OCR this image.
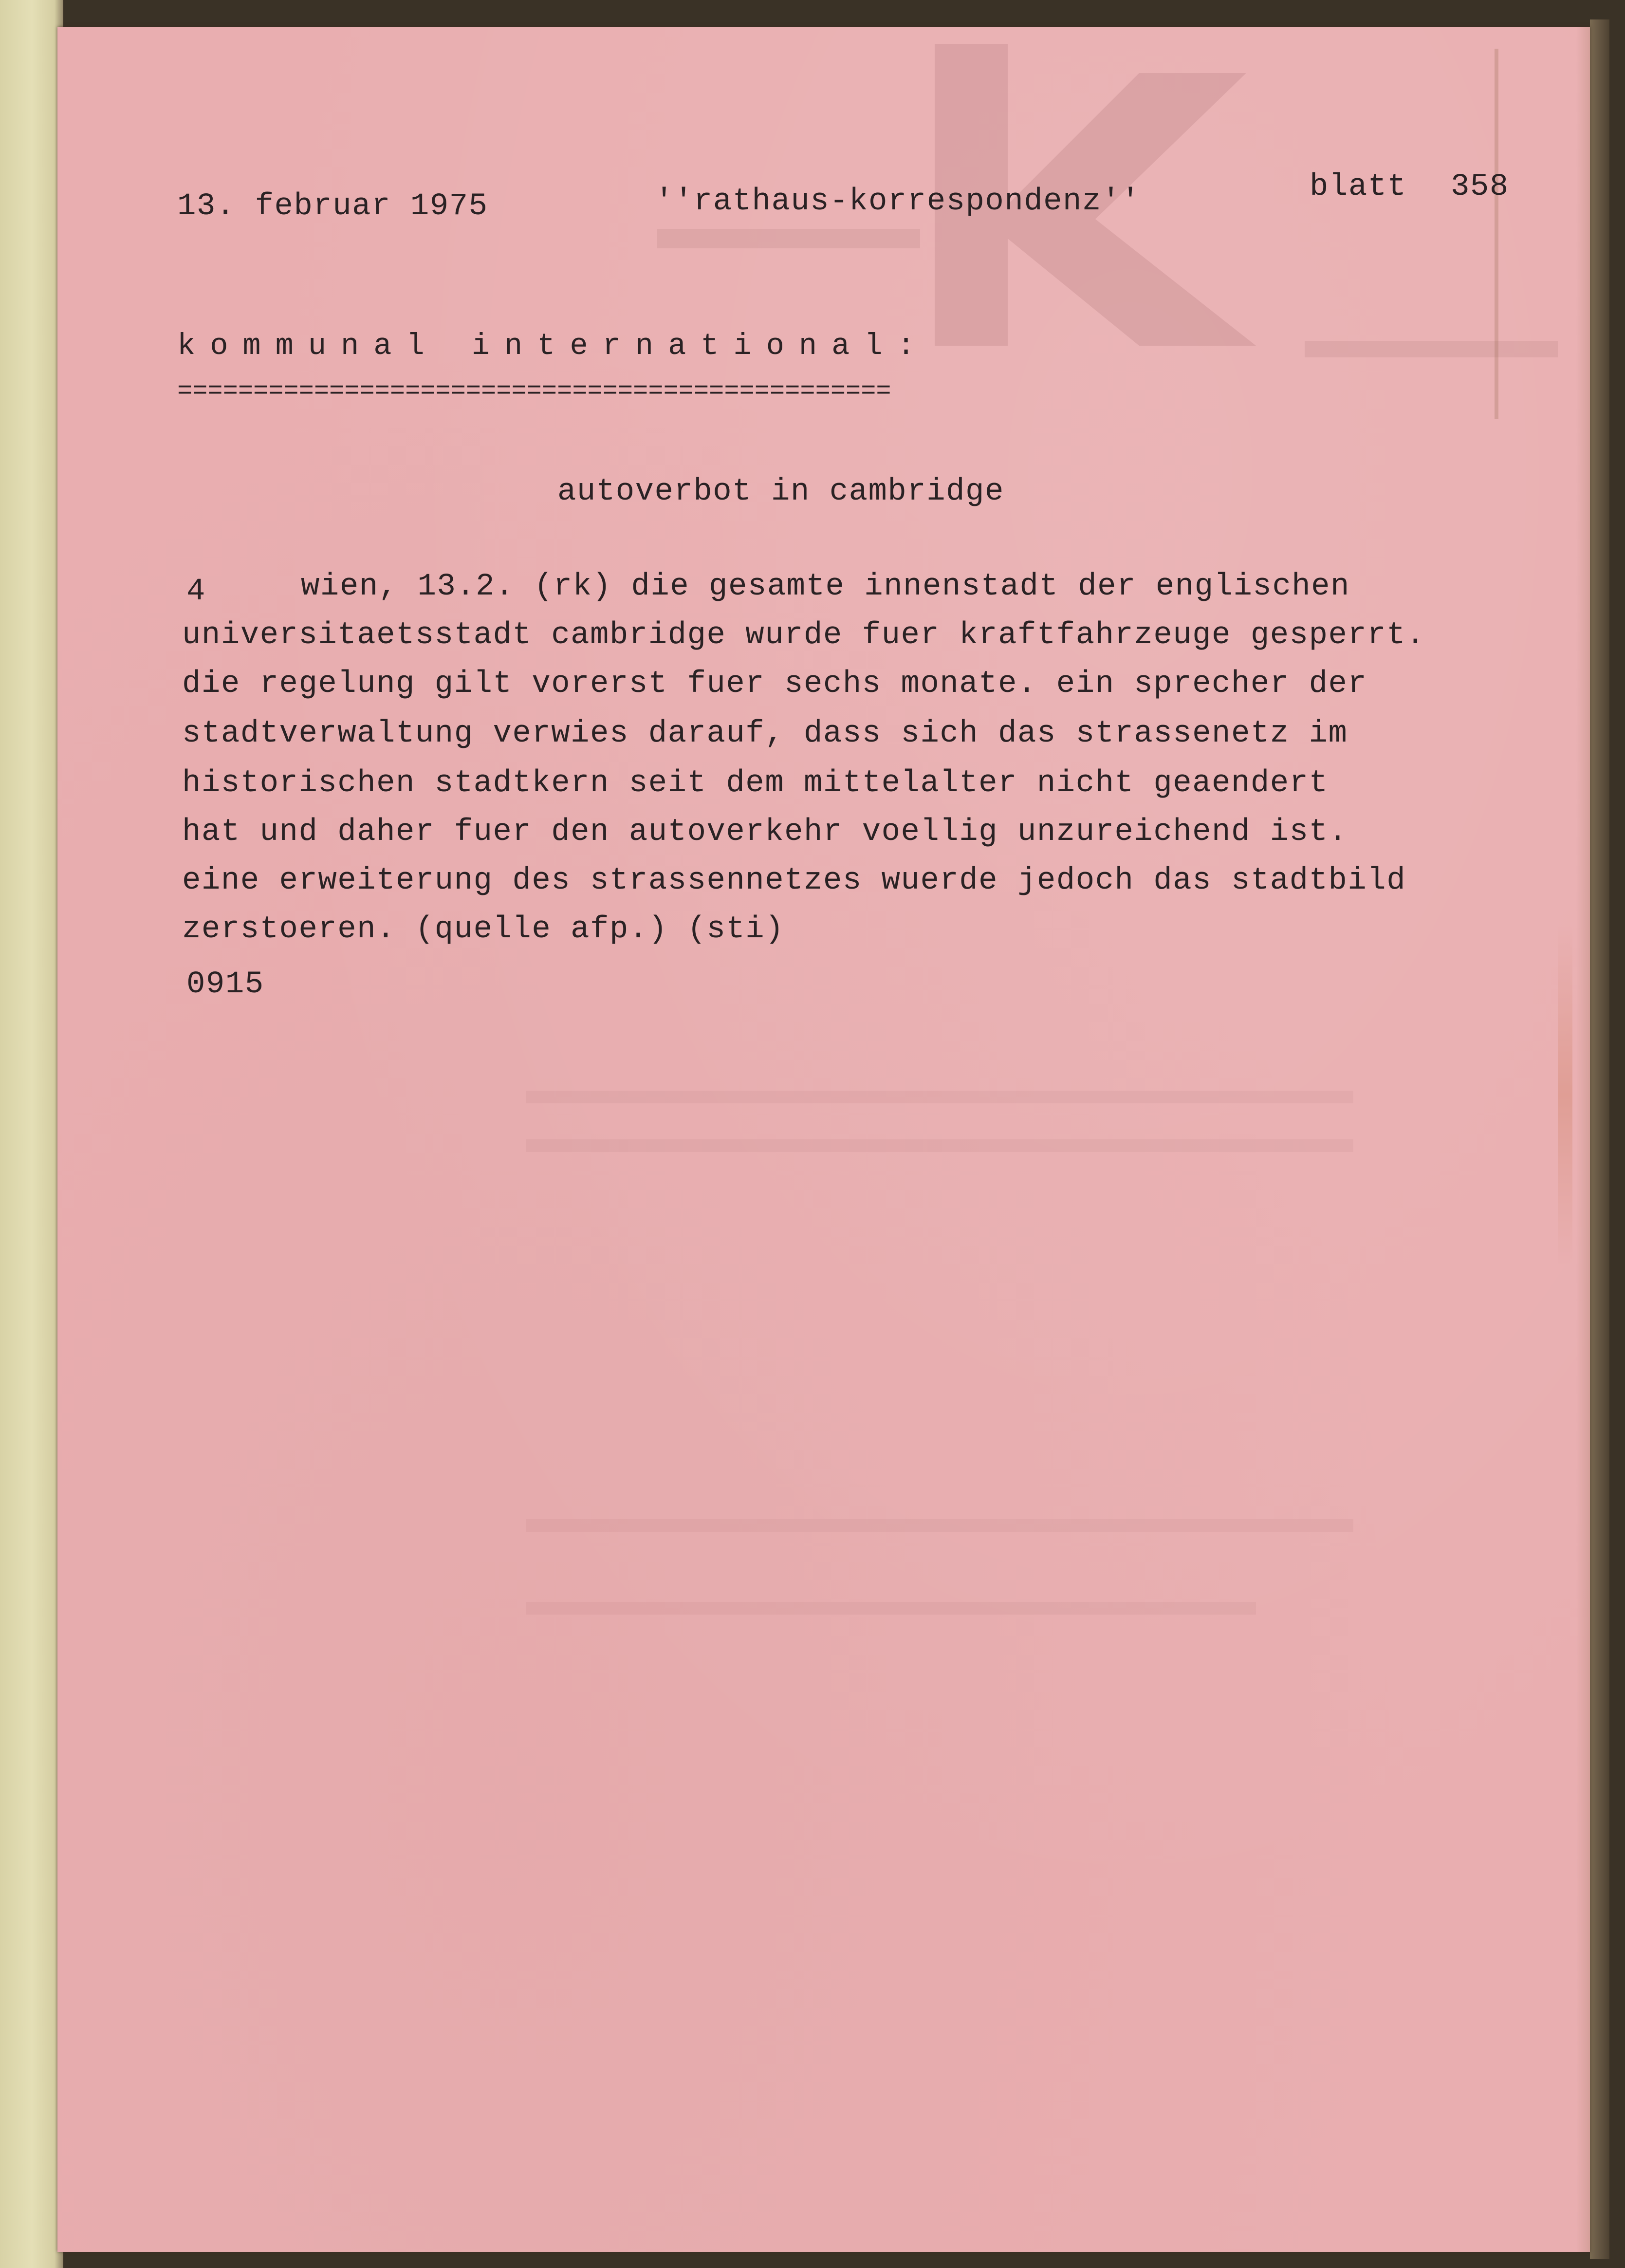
13. februar 1975	''rathaus-korrespondenz''	blatt 358
kommunal international:
===============================================
autoverbot in cambridge
4	wien, 13.2. (rk) die gesamte innenstadt der englischen
universitaetsstadt cambridge wurde fuer kraftfahrzeuge gesperrt.
die regelung gilt vorerst fuer sechs monate. ein sprecher der
stadtverwaltung verwies darauf, dass sich das strassenetz im
historischen stadtkern seit dem mittelalter nicht geaendert
hat und daher fuer den autoverkehr voellig unzureichend ist.
eine erweiterung des strassennetzes wuerde jedoch das stadtbild
zerstoeren. (quelle afp.) (sti)
0915
